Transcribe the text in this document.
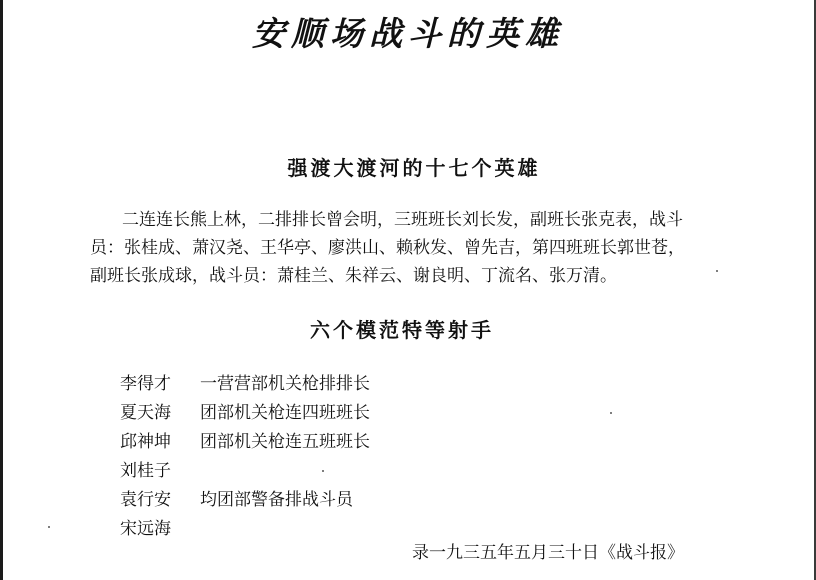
安顺场战斗的英雄
强渡大渡河的十七个英雄
二连连长熊上林，二排排长曾会明，三班班长刘长发，副班长张克表，战斗
员：张桂成、萧汉尧、王华亭、廖洪山、赖秋发、曾先吉，第四班班长郭世苍，
副班长张成球，战斗员：萧桂兰、朱祥云、谢良明、丁流名、张万清。
六个模范特等射手
李得才 一营营部机关枪排排长
夏天海 团部机关枪连四班班长
邱神坤 团部机关枪连五班班长
刘桂子
袁行安 均团部警备排战斗员
宋远海
录一九三五年五月三十日《战斗报》
